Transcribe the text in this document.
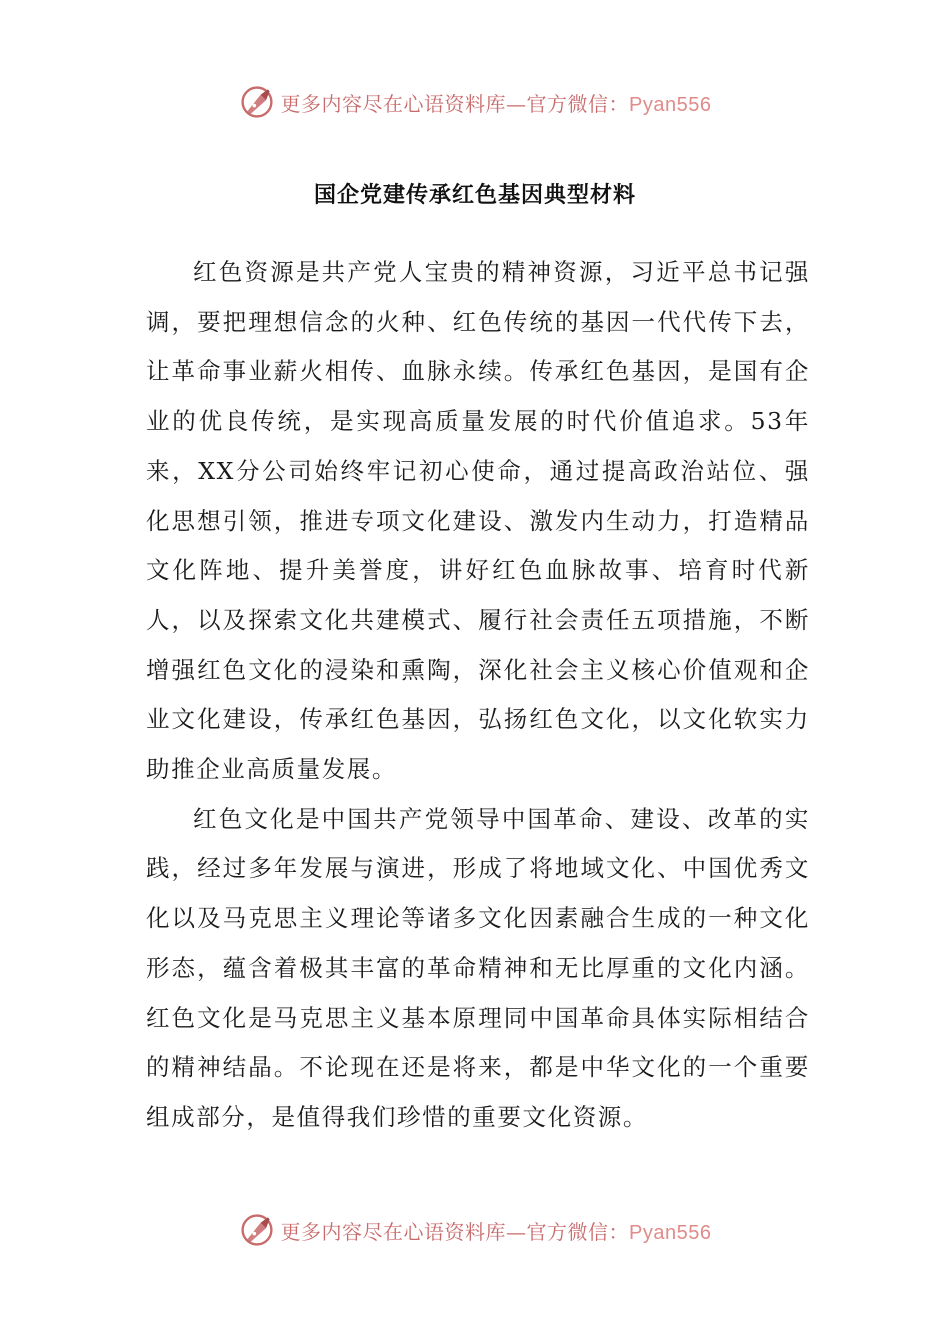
更多内容尽在心语资料库—官方微信：Pyan556
国企党建传承红色基因典型材料

红色资源是共产党人宝贵的精神资源，习近平总书记强调，要把理想信念的火种、红色传统的基因一代代传下去，让革命事业薪火相传、血脉永续。传承红色基因，是国有企业的优良传统，是实现高质量发展的时代价值追求。53年来，XX分公司始终牢记初心使命，通过提高政治站位、强化思想引领，推进专项文化建设、激发内生动力，打造精品文化阵地、提升美誉度，讲好红色血脉故事、培育时代新人，以及探索文化共建模式、履行社会责任五项措施，不断增强红色文化的浸染和熏陶，深化社会主义核心价值观和企业文化建设，传承红色基因，弘扬红色文化，以文化软实力助推企业高质量发展。

红色文化是中国共产党领导中国革命、建设、改革的实践，经过多年发展与演进，形成了将地域文化、中国优秀文化以及马克思主义理论等诸多文化因素融合生成的一种文化形态，蕴含着极其丰富的革命精神和无比厚重的文化内涵。红色文化是马克思主义基本原理同中国革命具体实际相结合的精神结晶。不论现在还是将来，都是中华文化的一个重要组成部分，是值得我们珍惜的重要文化资源。

更多内容尽在心语资料库—官方微信：Pyan556
